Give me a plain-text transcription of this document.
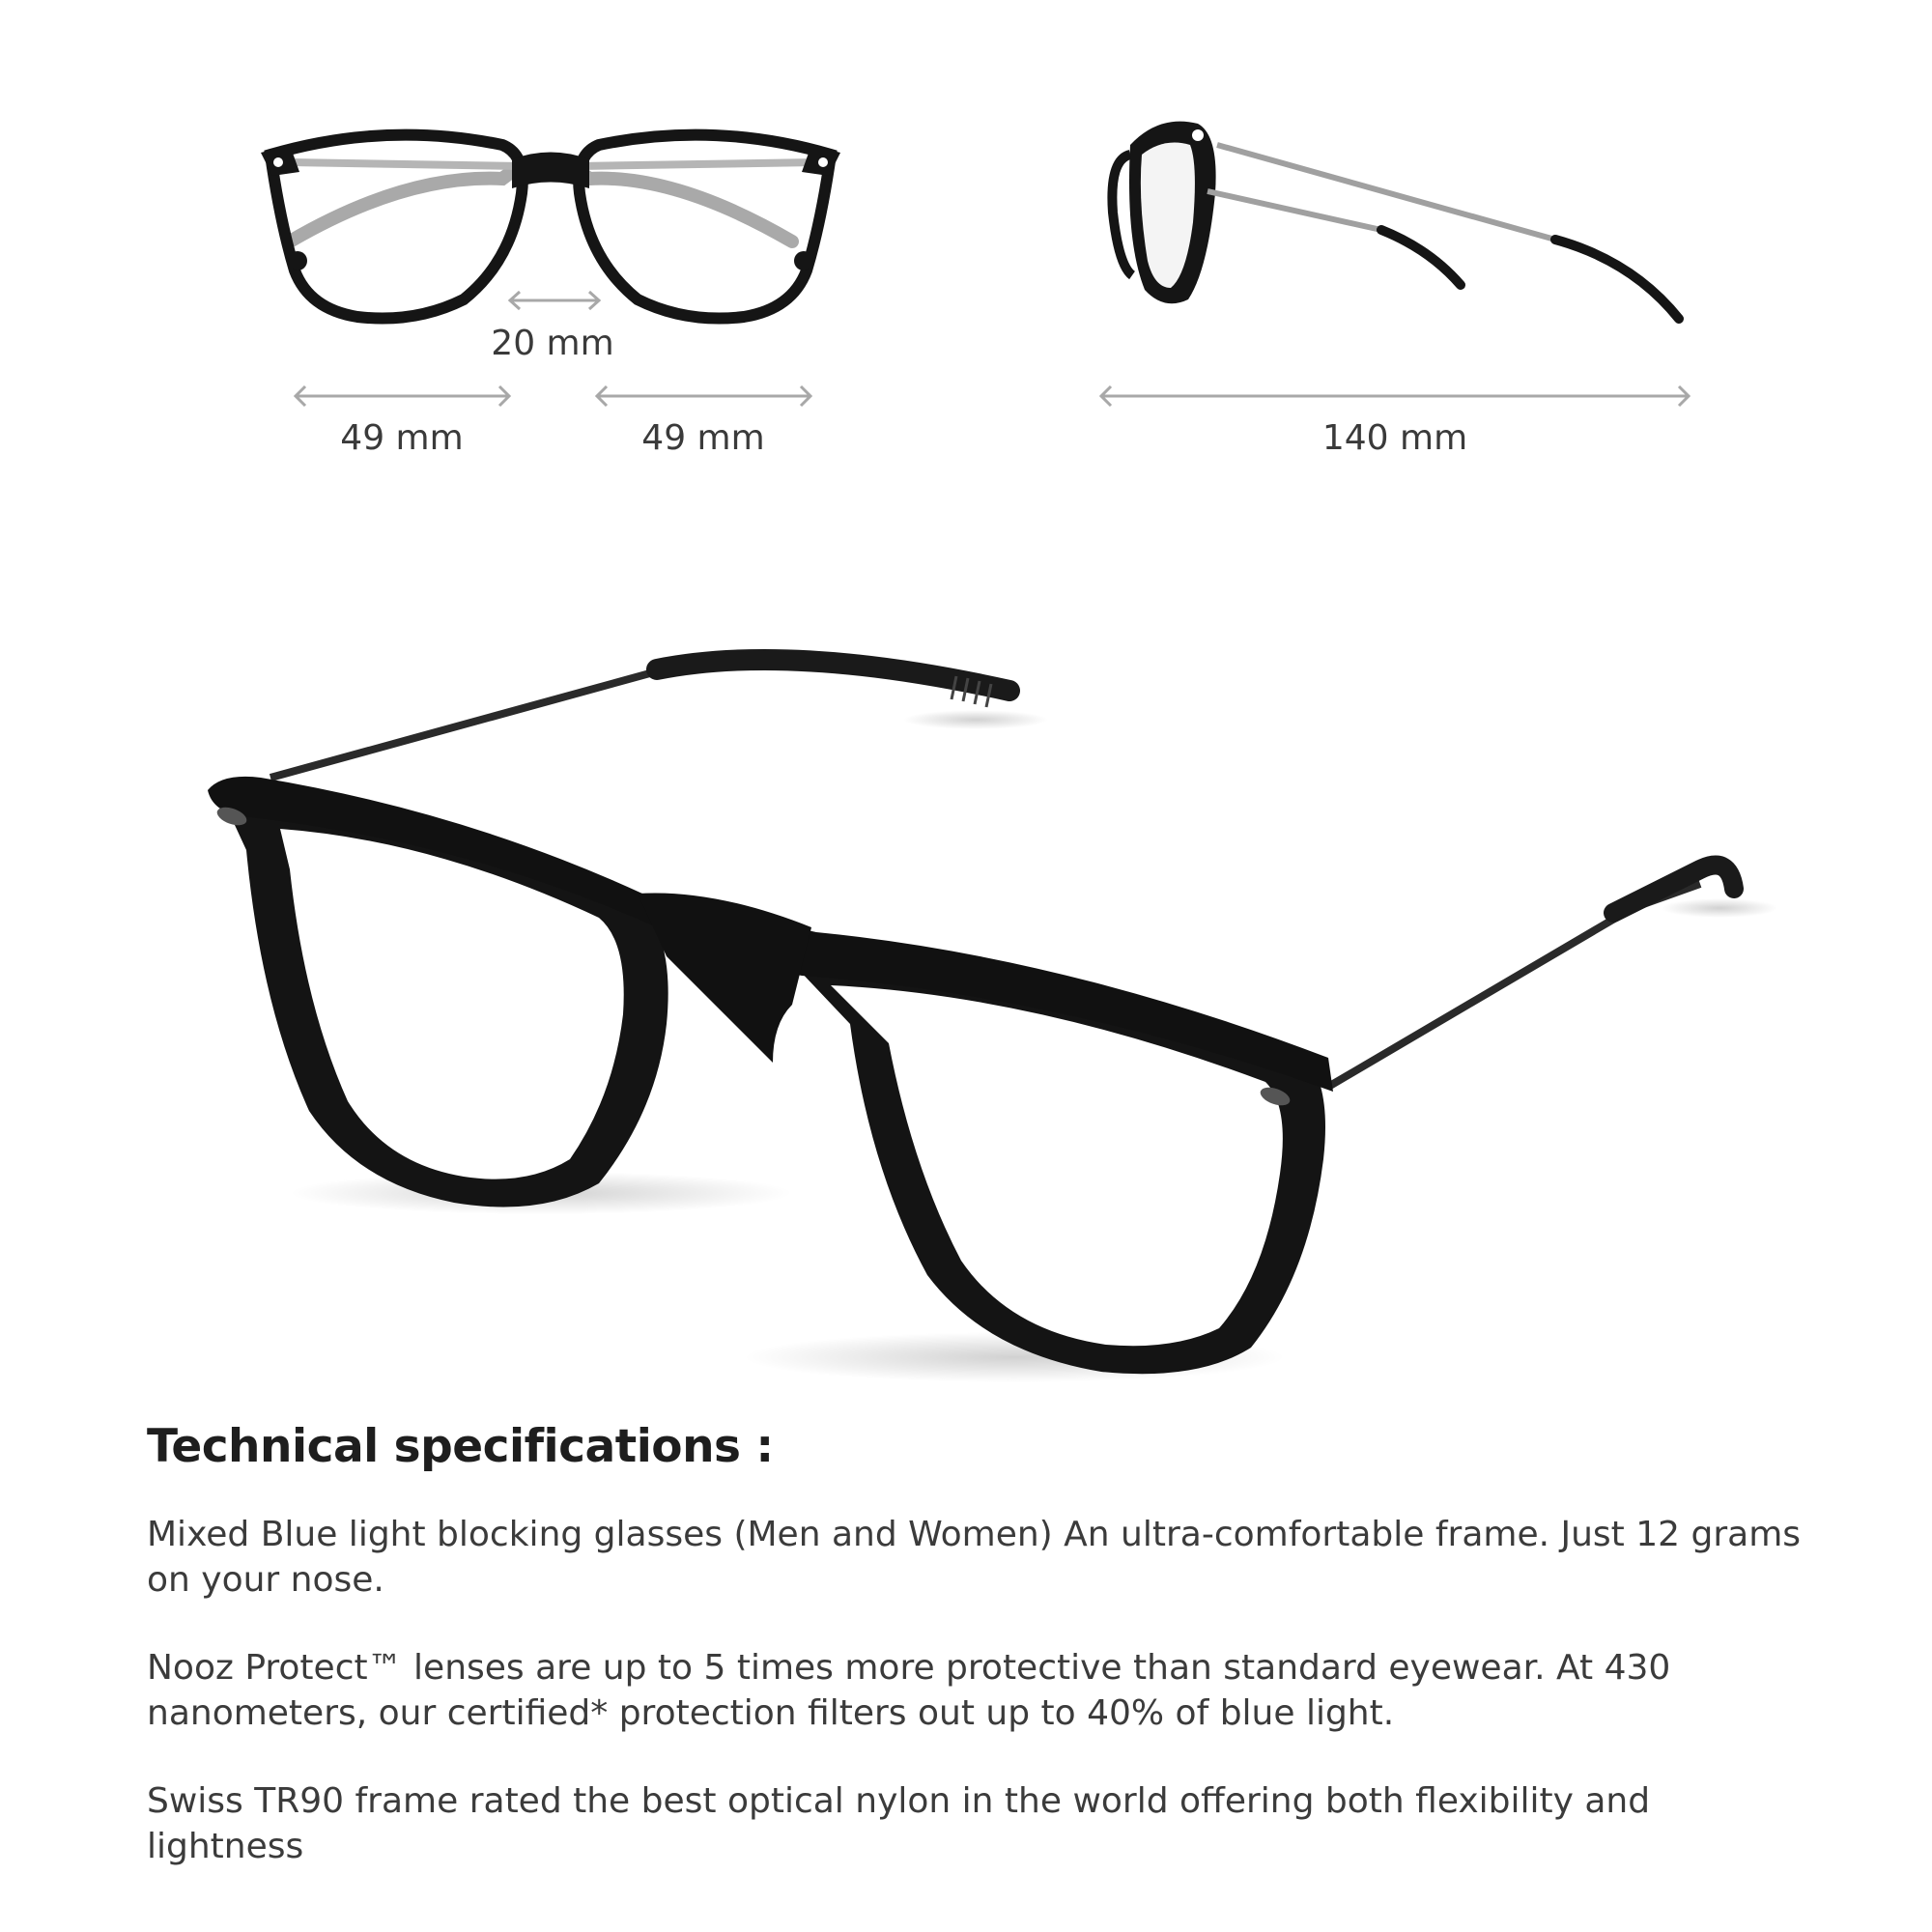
20 mm
49 mm	49 mm	140 mm
Technical specifications :

Mixed Blue light blocking glasses (Men and Women) An ultra-comfortable frame. Just 12 grams on your nose.

Nooz Protect™ lenses are up to 5 times more protective than standard eyewear. At 430 nanometers, our certified* protection filters out up to 40% of blue light.

Swiss TR90 frame rated the best optical nylon in the world offering both flexibility and lightness
